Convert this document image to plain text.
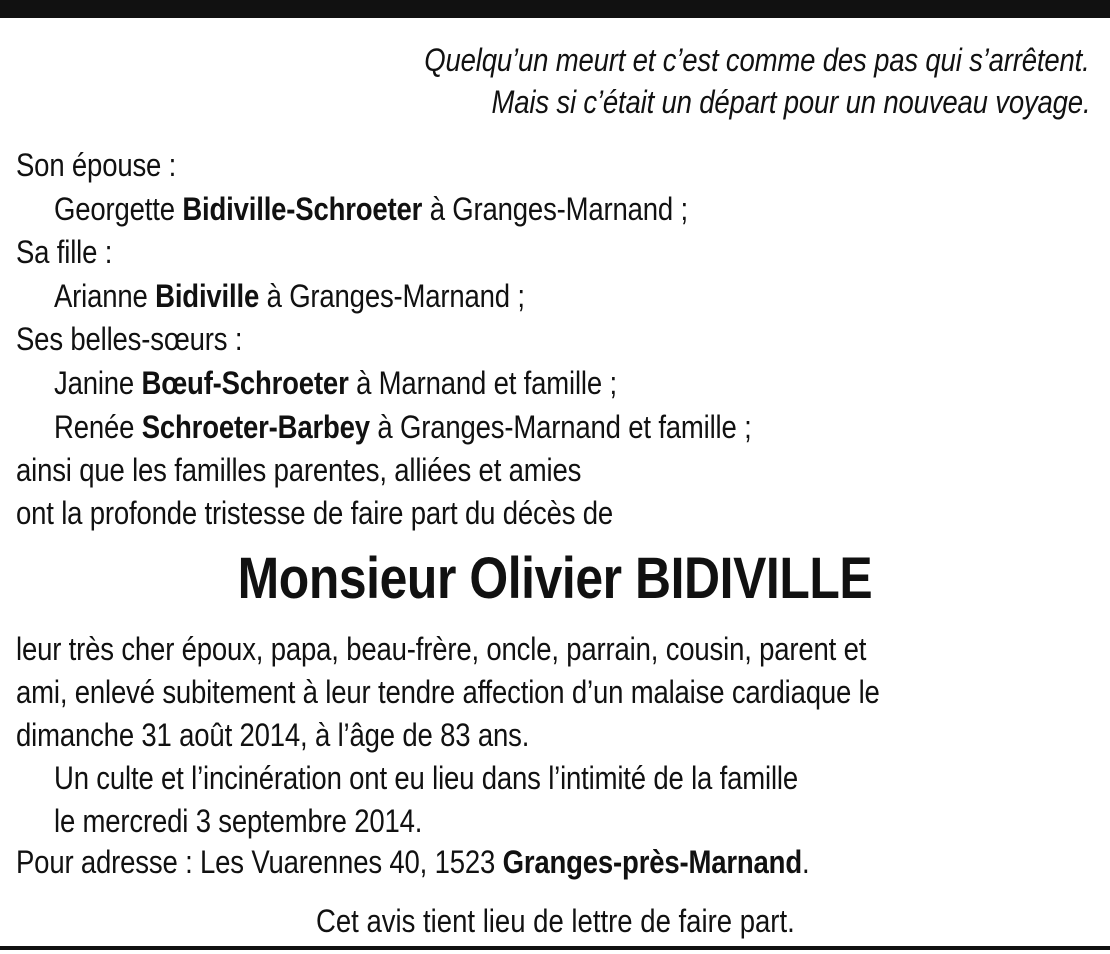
Quelqu’un meurt et c’est comme des pas qui s’arrêtent.
Mais si c’était un départ pour un nouveau voyage.
Son épouse :
Georgette Bidiville-Schroeter à Granges-Marnand ;
Sa fille :
Arianne Bidiville à Granges-Marnand ;
Ses belles-sœurs :
Janine Bœuf-Schroeter à Marnand et famille ;
Renée Schroeter-Barbey à Granges-Marnand et famille ;
ainsi que les familles parentes, alliées et amies
ont la profonde tristesse de faire part du décès de
Monsieur Olivier BIDIVILLE
leur très cher époux, papa, beau-frère, oncle, parrain, cousin, parent et
ami, enlevé subitement à leur tendre affection d’un malaise cardiaque le
dimanche 31 août 2014, à l’âge de 83 ans.
Un culte et l’incinération ont eu lieu dans l’intimité de la famille
le mercredi 3 septembre 2014.
Pour adresse : Les Vuarennes 40, 1523 Granges-près-Marnand.
Cet avis tient lieu de lettre de faire part.
